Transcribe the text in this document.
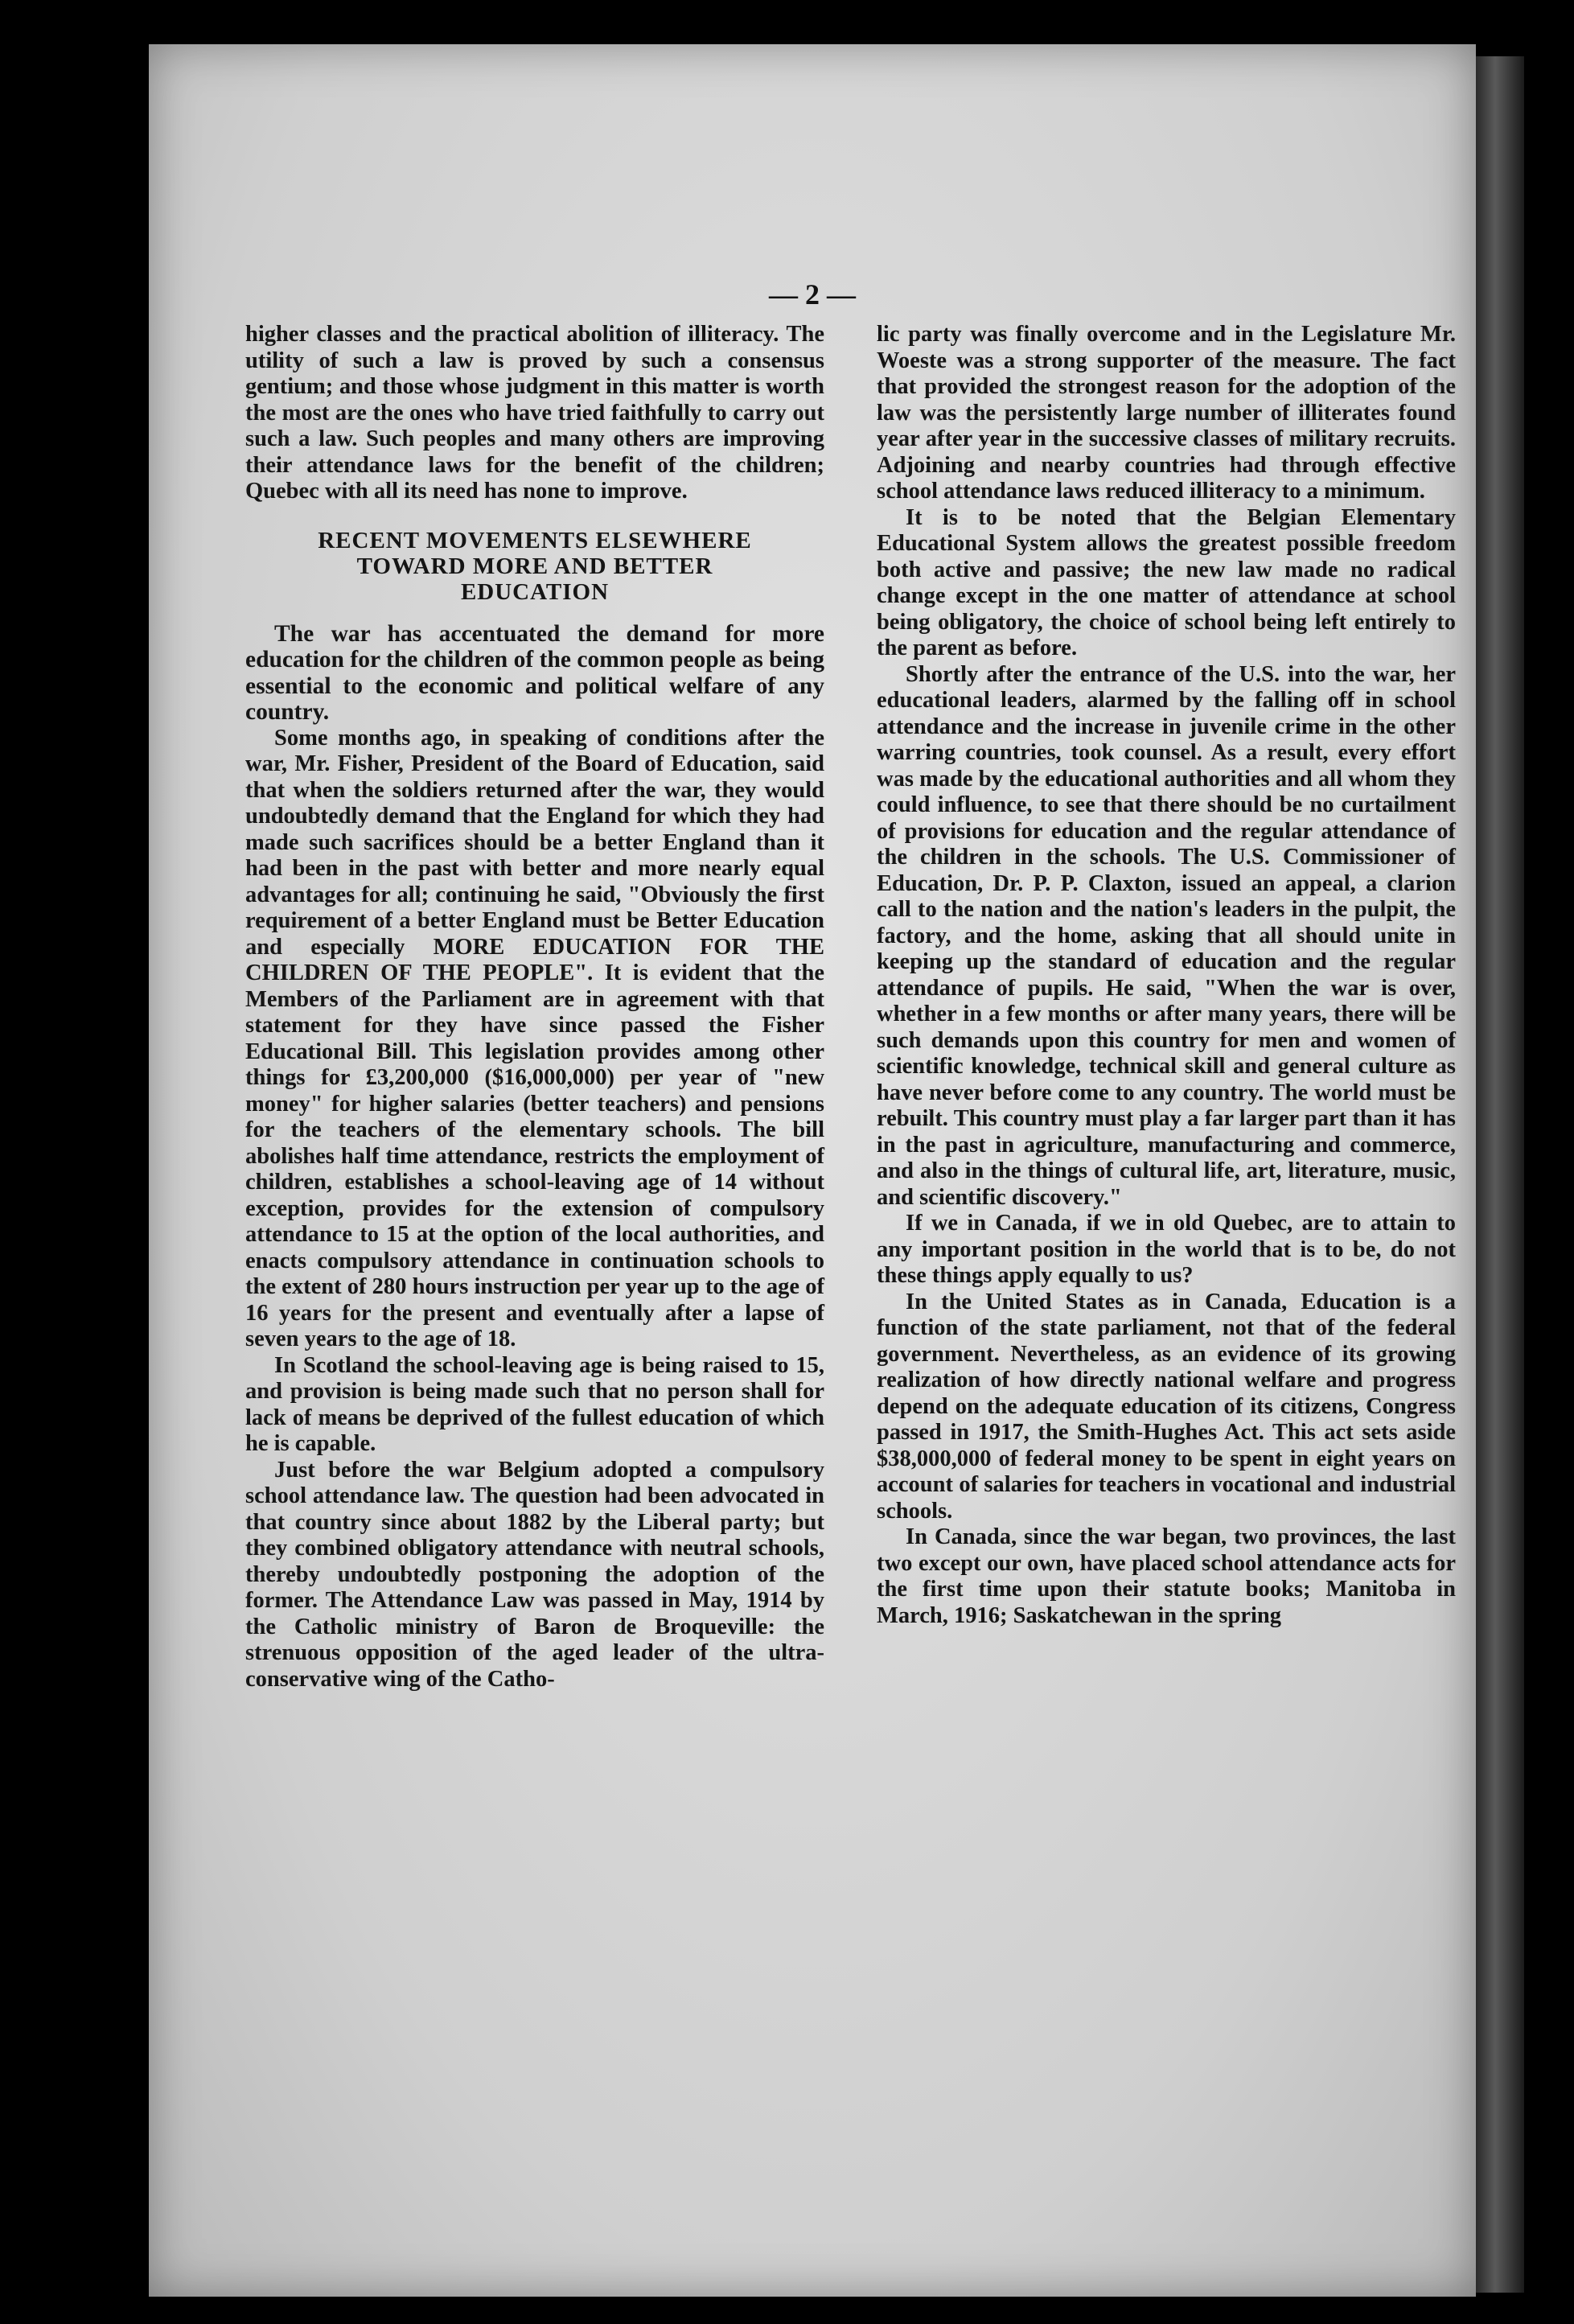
— 2 —

higher classes and the practical abolition of illiteracy. The utility of such a law is proved by such a consensus gentium; and those whose judgment in this matter is worth the most are the ones who have tried faithfully to carry out such a law. Such peoples and many others are improving their attendance laws for the benefit of the children; Quebec with all its need has none to improve.

RECENT MOVEMENTS ELSEWHERE
TOWARD MORE AND BETTER
EDUCATION

The war has accentuated the demand for more education for the children of the common people as being essential to the economic and political welfare of any country.

Some months ago, in speaking of conditions after the war, Mr. Fisher, President of the Board of Education, said that when the soldiers returned after the war, they would undoubtedly demand that the England for which they had made such sacrifices should be a better England than it had been in the past with better and more nearly equal advantages for all; continuing he said, "Obviously the first requirement of a better England must be Better Education and especially MORE EDUCATION FOR THE CHILDREN OF THE PEOPLE". It is evident that the Members of the Parliament are in agreement with that statement for they have since passed the Fisher Educational Bill. This legislation provides among other things for £3,200,000 ($16,000,000) per year of "new money" for higher salaries (better teachers) and pensions for the teachers of the elementary schools. The bill abolishes half time attendance, restricts the employment of children, establishes a school-leaving age of 14 without exception, provides for the extension of compulsory attendance to 15 at the option of the local authorities, and enacts compulsory attendance in continuation schools to the extent of 280 hours instruction per year up to the age of 16 years for the present and eventually after a lapse of seven years to the age of 18.

In Scotland the school-leaving age is being raised to 15, and provision is being made such that no person shall for lack of means be deprived of the fullest education of which he is capable.

Just before the war Belgium adopted a compulsory school attendance law. The question had been advocated in that country since about 1882 by the Liberal party; but they combined obligatory attendance with neutral schools, thereby undoubtedly postponing the adoption of the former. The Attendance Law was passed in May, 1914 by the Catholic ministry of Baron de Broqueville: the strenuous opposition of the aged leader of the ultra-conservative wing of the Catho-

lic party was finally overcome and in the Legislature Mr. Woeste was a strong supporter of the measure. The fact that provided the strongest reason for the adoption of the law was the persistently large number of illiterates found year after year in the successive classes of military recruits. Adjoining and nearby countries had through effective school attendance laws reduced illiteracy to a minimum.

It is to be noted that the Belgian Elementary Educational System allows the greatest possible freedom both active and passive; the new law made no radical change except in the one matter of attendance at school being obligatory, the choice of school being left entirely to the parent as before.

Shortly after the entrance of the U.S. into the war, her educational leaders, alarmed by the falling off in school attendance and the increase in juvenile crime in the other warring countries, took counsel. As a result, every effort was made by the educational authorities and all whom they could influence, to see that there should be no curtailment of provisions for education and the regular attendance of the children in the schools. The U.S. Commissioner of Education, Dr. P. P. Claxton, issued an appeal, a clarion call to the nation and the nation's leaders in the pulpit, the factory, and the home, asking that all should unite in keeping up the standard of education and the regular attendance of pupils. He said, "When the war is over, whether in a few months or after many years, there will be such demands upon this country for men and women of scientific knowledge, technical skill and general culture as have never before come to any country. The world must be rebuilt. This country must play a far larger part than it has in the past in agriculture, manufacturing and commerce, and also in the things of cultural life, art, literature, music, and scientific discovery."

If we in Canada, if we in old Quebec, are to attain to any important position in the world that is to be, do not these things apply equally to us?

In the United States as in Canada, Education is a function of the state parliament, not that of the federal government. Nevertheless, as an evidence of its growing realization of how directly national welfare and progress depend on the adequate education of its citizens, Congress passed in 1917, the Smith-Hughes Act. This act sets aside $38,000,000 of federal money to be spent in eight years on account of salaries for teachers in vocational and industrial schools.

In Canada, since the war began, two provinces, the last two except our own, have placed school attendance acts for the first time upon their statute books; Manitoba in March, 1916; Saskatchewan in the spring
